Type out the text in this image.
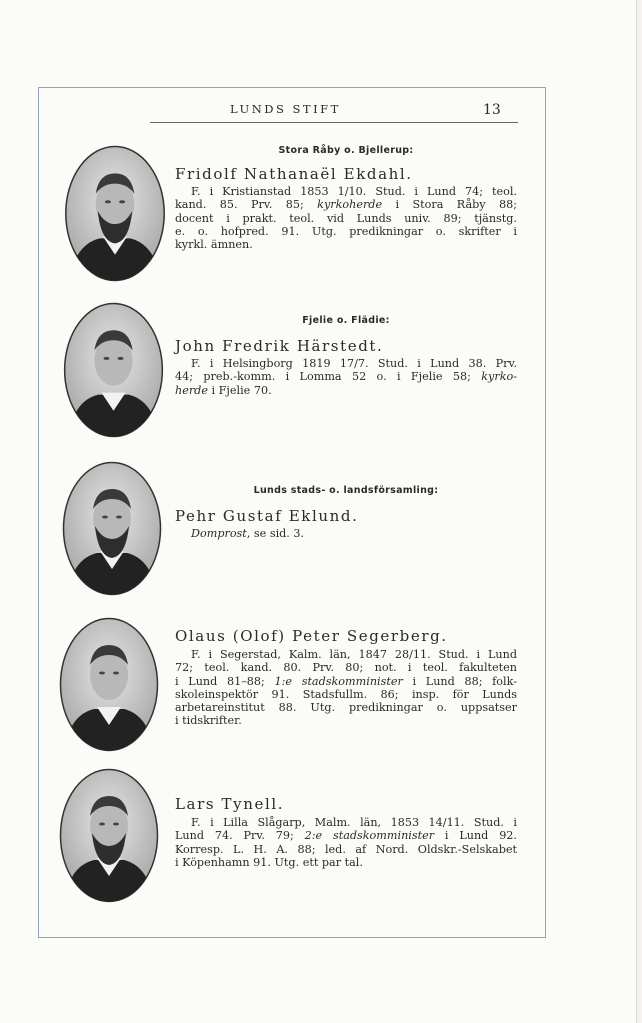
LUNDS STIFT	13
Stora Råby o. Bjellerup:
Fridolf Nathanaël Ekdahl.
F. i Kristianstad 1853 1/10. Stud. i Lund 74; teol.
kand. 85. Prv. 85; kyrkoherde i Stora Råby 88;
docent i prakt. teol. vid Lunds univ. 89; tjänstg.
e. o. hofpred. 91. Utg. predikningar o. skrifter i
kyrkl. ämnen.
Fjelie o. Flädie:
John Fredrik Härstedt.
F. i Helsingborg 1819 17/7. Stud. i Lund 38. Prv.
44; preb.-komm. i Lomma 52 o. i Fjelie 58; kyrko-
herde i Fjelie 70.
Lunds stads- o. landsförsamling:
Pehr Gustaf Eklund.
Domprost, se sid. 3.
Olaus (Olof) Peter Segerberg.
F. i Segerstad, Kalm. län, 1847 28/11. Stud. i Lund
72; teol. kand. 80. Prv. 80; not. i teol. fakulteten
i Lund 81–88; 1:e stadskomminister i Lund 88; folk-
skoleinspektör 91. Stadsfullm. 86; insp. för Lunds
arbetareinstitut 88. Utg. predikningar o. uppsatser
i tidskrifter.
Lars Tynell.
F. i Lilla Slågarp, Malm. län, 1853 14/11. Stud. i
Lund 74. Prv. 79; 2:e stadskomminister i Lund 92.
Korresp. L. H. A. 88; led. af Nord. Oldskr.-Selskabet
i Köpenhamn 91. Utg. ett par tal.
